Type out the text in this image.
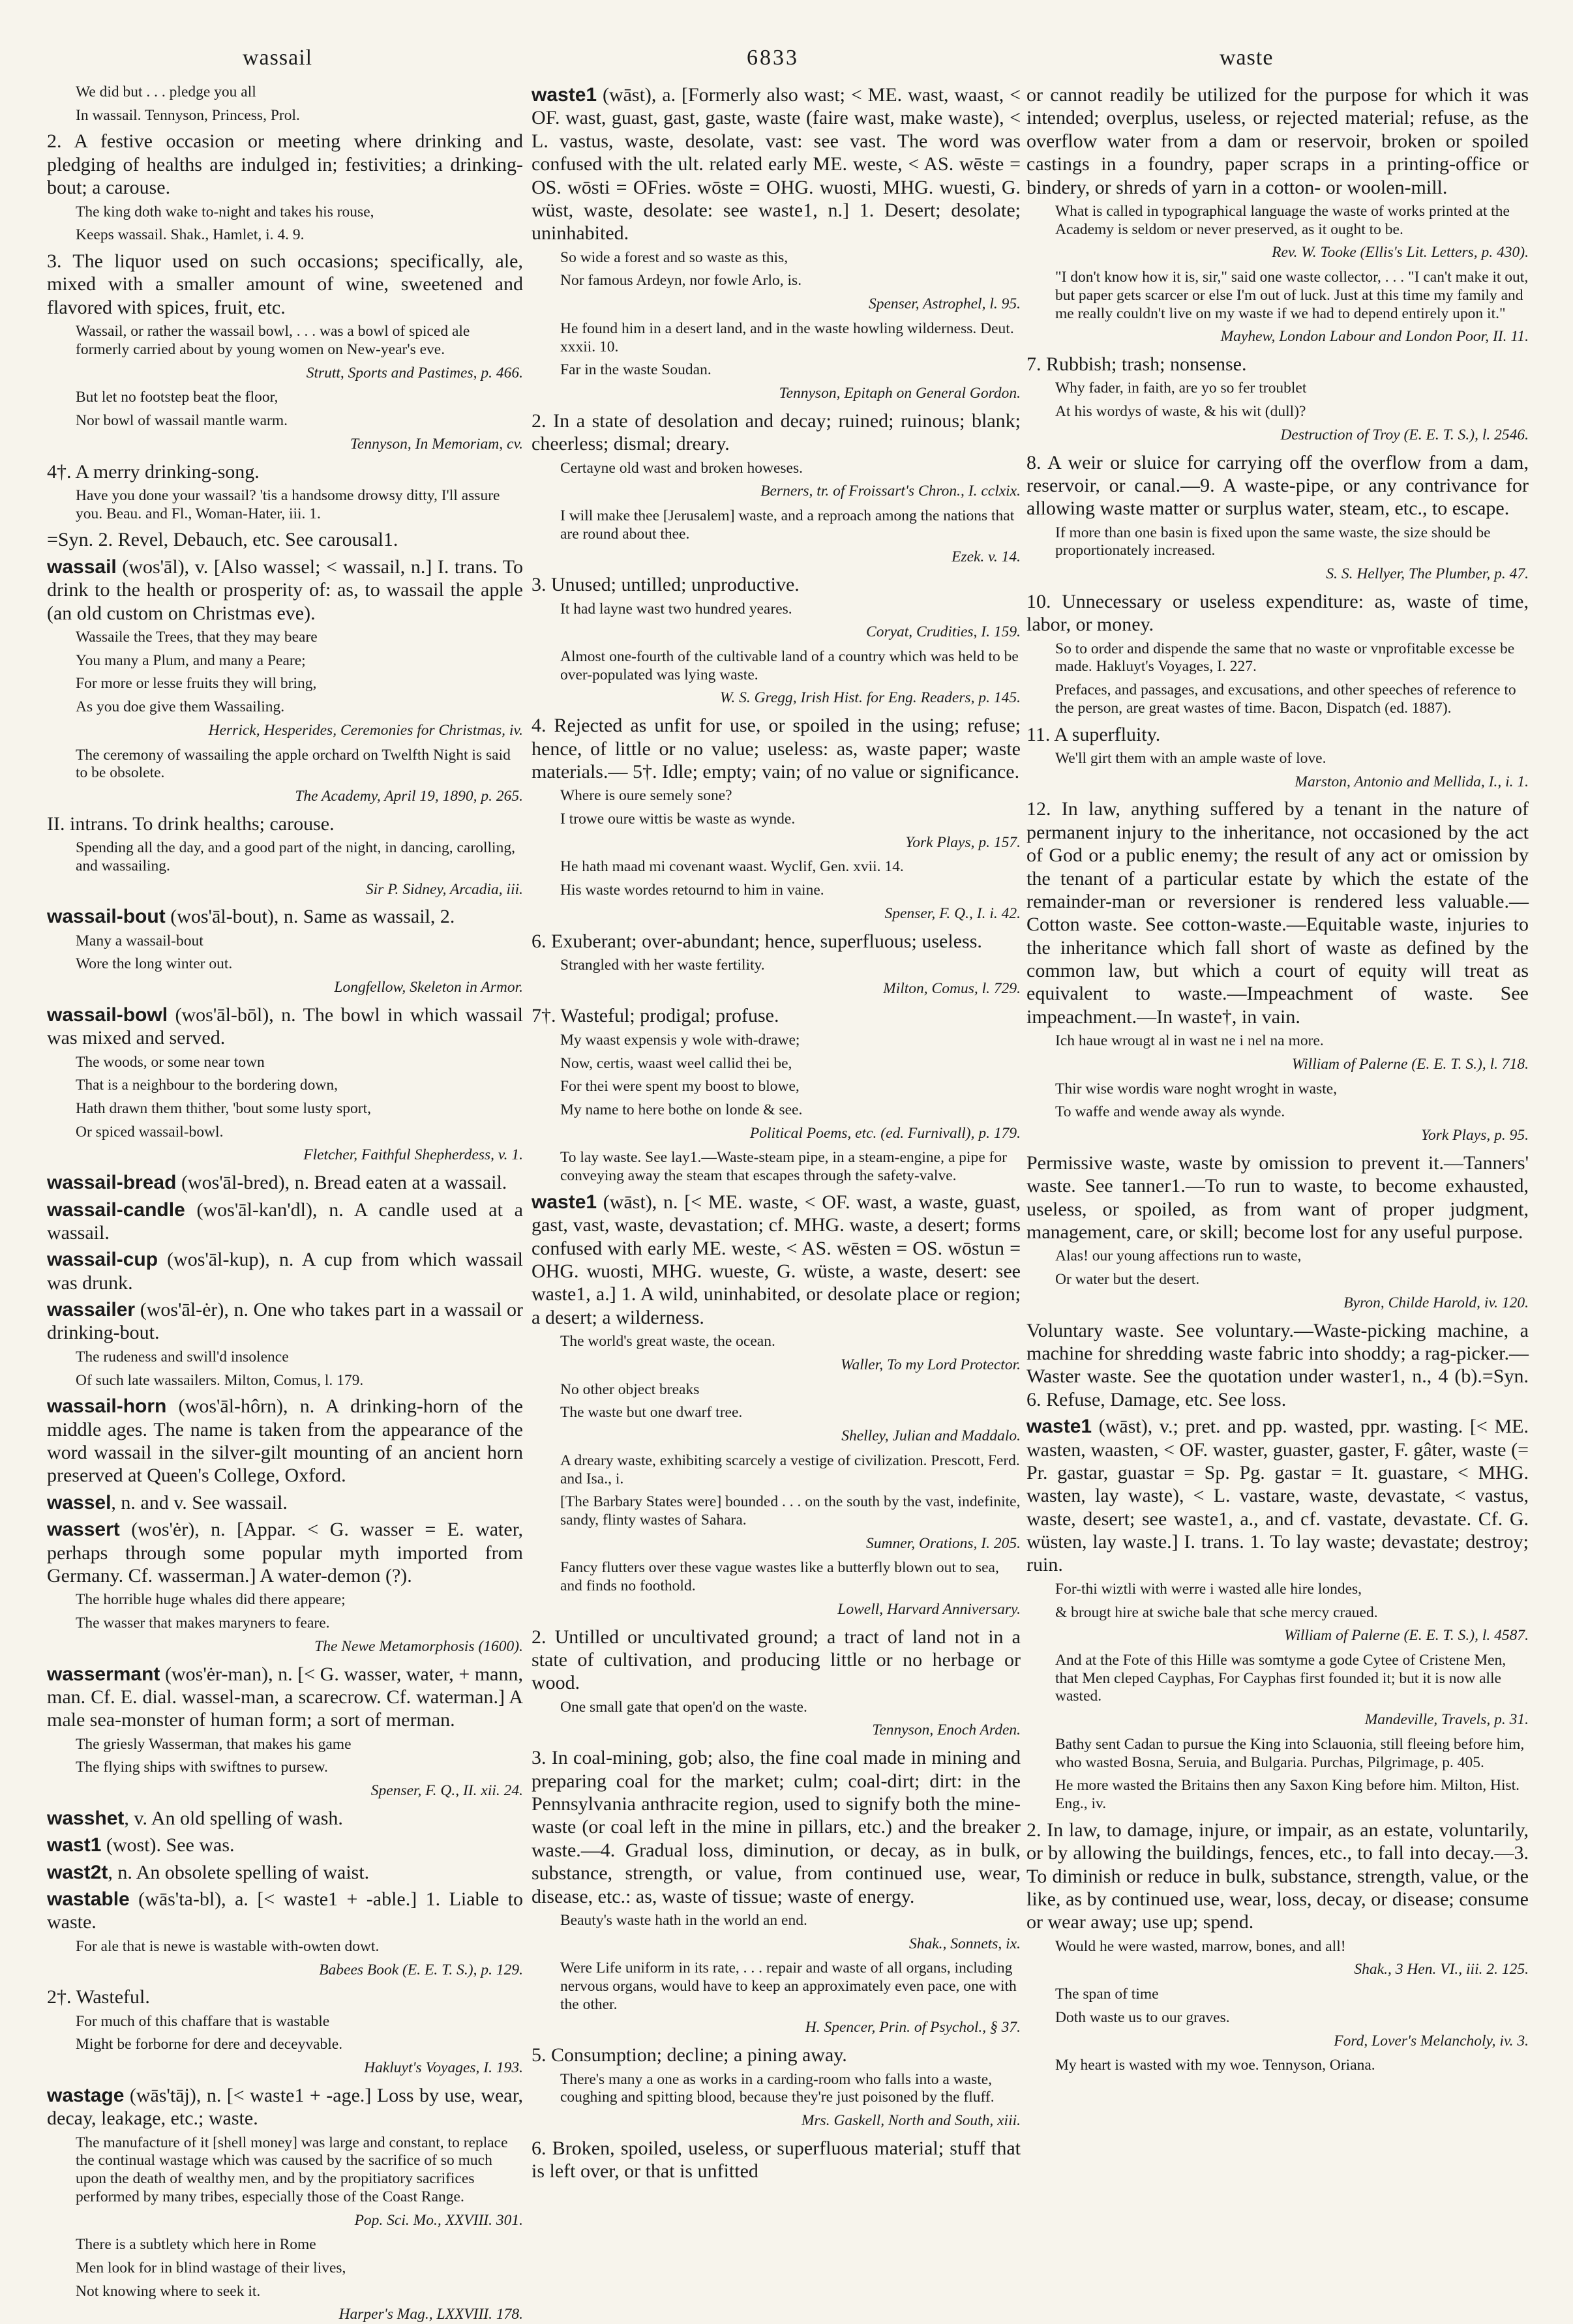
wassail	6833	waste
We did but . . . pledge you all
In wassail. Tennyson, Princess, Prol.
2. A festive occasion or meeting where drinking and pledging of healths are indulged in; festivities; a drinking-bout; a carouse.
The king doth wake to-night and takes his rouse,
Keeps wassail. Shak., Hamlet, i. 4. 9.
3. The liquor used on such occasions; specifically, ale, mixed with a smaller amount of wine, sweetened and flavored with spices, fruit, etc.
Wassail, or rather the wassail bowl, . . . was a bowl of spiced ale formerly carried about by young women on New-year's eve.
Strutt, Sports and Pastimes, p. 466.
But let no footstep beat the floor,
Nor bowl of wassail mantle warm.
Tennyson, In Memoriam, cv.
4†. A merry drinking-song.
Have you done your wassail? 'tis a handsome drowsy ditty, I'll assure you. Beau. and Fl., Woman-Hater, iii. 1.
=Syn. 2. Revel, Debauch, etc. See carousal1.
wassail (wos'āl), v. [Also wassel; < wassail, n.] I. trans. To drink to the health or prosperity of: as, to wassail the apple (an old custom on Christmas eve).
Wassaile the Trees, that they may beare
You many a Plum, and many a Peare;
For more or lesse fruits they will bring,
As you doe give them Wassailing.
Herrick, Hesperides, Ceremonies for Christmas, iv.
The ceremony of wassailing the apple orchard on Twelfth Night is said to be obsolete.
The Academy, April 19, 1890, p. 265.
II. intrans. To drink healths; carouse.
Spending all the day, and a good part of the night, in dancing, carolling, and wassailing.
Sir P. Sidney, Arcadia, iii.
wassail-bout (wos'āl-bout), n. Same as wassail, 2.
Many a wassail-bout
Wore the long winter out.
Longfellow, Skeleton in Armor.
wassail-bowl (wos'āl-bōl), n. The bowl in which wassail was mixed and served.
The woods, or some near town
That is a neighbour to the bordering down,
Hath drawn them thither, 'bout some lusty sport,
Or spiced wassail-bowl.
Fletcher, Faithful Shepherdess, v. 1.
wassail-bread (wos'āl-bred), n. Bread eaten at a wassail.
wassail-candle (wos'āl-kan'dl), n. A candle used at a wassail.
wassail-cup (wos'āl-kup), n. A cup from which wassail was drunk.
wassailer (wos'āl-ėr), n. One who takes part in a wassail or drinking-bout.
The rudeness and swill'd insolence
Of such late wassailers. Milton, Comus, l. 179.
wassail-horn (wos'āl-hôrn), n. A drinking-horn of the middle ages. The name is taken from the appearance of the word wassail in the silver-gilt mounting of an ancient horn preserved at Queen's College, Oxford.
wassel, n. and v. See wassail.
wassert (wos'ėr), n. [Appar. < G. wasser = E. water, perhaps through some popular myth imported from Germany. Cf. wasserman.] A water-demon (?).
The horrible huge whales did there appeare;
The wasser that makes maryners to feare.
The Newe Metamorphosis (1600).
wassermant (wos'ėr-man), n. [< G. wasser, water, + mann, man. Cf. E. dial. wassel-man, a scarecrow. Cf. waterman.] A male sea-monster of human form; a sort of merman.
The griesly Wasserman, that makes his game
The flying ships with swiftnes to pursew.
Spenser, F. Q., II. xii. 24.
wasshet, v. An old spelling of wash.
wast1 (wost). See was.
wast2t, n. An obsolete spelling of waist.
wastable (wās'ta-bl), a. [< waste1 + -able.] 1. Liable to waste.
For ale that is newe is wastable with-owten dowt.
Babees Book (E. E. T. S.), p. 129.
2†. Wasteful.
For much of this chaffare that is wastable
Might be forborne for dere and deceyvable.
Hakluyt's Voyages, I. 193.
wastage (wās'tāj), n. [< waste1 + -age.] Loss by use, wear, decay, leakage, etc.; waste.
The manufacture of it [shell money] was large and constant, to replace the continual wastage which was caused by the sacrifice of so much upon the death of wealthy men, and by the propitiatory sacrifices performed by many tribes, especially those of the Coast Range.
Pop. Sci. Mo., XXVIII. 301.
There is a subtlety which here in Rome
Men look for in blind wastage of their lives,
Not knowing where to seek it.
Harper's Mag., LXXVIII. 178.
waste1 (wāst), a. [Formerly also wast; < ME. wast, waast, < OF. wast, guast, gast, gaste, waste (faire wast, make waste), < L. vastus, waste, desolate, vast: see vast. The word was confused with the ult. related early ME. weste, < AS. wēste = OS. wōsti = OFries. wōste = OHG. wuosti, MHG. wuesti, G. wüst, waste, desolate: see waste1, n.] 1. Desert; desolate; uninhabited.
So wide a forest and so waste as this,
Nor famous Ardeyn, nor fowle Arlo, is.
Spenser, Astrophel, l. 95.
He found him in a desert land, and in the waste howling wilderness. Deut. xxxii. 10.
Far in the waste Soudan.
Tennyson, Epitaph on General Gordon.
2. In a state of desolation and decay; ruined; ruinous; blank; cheerless; dismal; dreary.
Certayne old wast and broken howeses.
Berners, tr. of Froissart's Chron., I. cclxix.
I will make thee [Jerusalem] waste, and a reproach among the nations that are round about thee.
Ezek. v. 14.
3. Unused; untilled; unproductive.
It had layne wast two hundred yeares.
Coryat, Crudities, I. 159.
Almost one-fourth of the cultivable land of a country which was held to be over-populated was lying waste.
W. S. Gregg, Irish Hist. for Eng. Readers, p. 145.
4. Rejected as unfit for use, or spoiled in the using; refuse; hence, of little or no value; useless: as, waste paper; waste materials.— 5†. Idle; empty; vain; of no value or significance.
Where is oure semely sone?
I trowe oure wittis be waste as wynde.
York Plays, p. 157.
He hath maad mi covenant waast. Wyclif, Gen. xvii. 14.
His waste wordes retournd to him in vaine.
Spenser, F. Q., I. i. 42.
6. Exuberant; over-abundant; hence, superfluous; useless.
Strangled with her waste fertility.
Milton, Comus, l. 729.
7†. Wasteful; prodigal; profuse.
My waast expensis y wole with-drawe;
Now, certis, waast weel callid thei be,
For thei were spent my boost to blowe,
My name to here bothe on londe & see.
Political Poems, etc. (ed. Furnivall), p. 179.
To lay waste. See lay1.—Waste-steam pipe, in a steam-engine, a pipe for conveying away the steam that escapes through the safety-valve.
waste1 (wāst), n. [< ME. waste, < OF. wast, a waste, guast, gast, vast, waste, devastation; cf. MHG. waste, a desert; forms confused with early ME. weste, < AS. wēsten = OS. wōstun = OHG. wuosti, MHG. wueste, G. wüste, a waste, desert: see waste1, a.] 1. A wild, uninhabited, or desolate place or region; a desert; a wilderness.
The world's great waste, the ocean.
Waller, To my Lord Protector.
No other object breaks
The waste but one dwarf tree.
Shelley, Julian and Maddalo.
A dreary waste, exhibiting scarcely a vestige of civilization. Prescott, Ferd. and Isa., i.
[The Barbary States were] bounded . . . on the south by the vast, indefinite, sandy, flinty wastes of Sahara.
Sumner, Orations, I. 205.
Fancy flutters over these vague wastes like a butterfly blown out to sea, and finds no foothold.
Lowell, Harvard Anniversary.
2. Untilled or uncultivated ground; a tract of land not in a state of cultivation, and producing little or no herbage or wood.
One small gate that open'd on the waste.
Tennyson, Enoch Arden.
3. In coal-mining, gob; also, the fine coal made in mining and preparing coal for the market; culm; coal-dirt; dirt: in the Pennsylvania anthracite region, used to signify both the mine-waste (or coal left in the mine in pillars, etc.) and the breaker waste.—4. Gradual loss, diminution, or decay, as in bulk, substance, strength, or value, from continued use, wear, disease, etc.: as, waste of tissue; waste of energy.
Beauty's waste hath in the world an end.
Shak., Sonnets, ix.
Were Life uniform in its rate, . . . repair and waste of all organs, including nervous organs, would have to keep an approximately even pace, one with the other.
H. Spencer, Prin. of Psychol., § 37.
5. Consumption; decline; a pining away.
There's many a one as works in a carding-room who falls into a waste, coughing and spitting blood, because they're just poisoned by the fluff.
Mrs. Gaskell, North and South, xiii.
6. Broken, spoiled, useless, or superfluous material; stuff that is left over, or that is unfitted
or cannot readily be utilized for the purpose for which it was intended; overplus, useless, or rejected material; refuse, as the overflow water from a dam or reservoir, broken or spoiled castings in a foundry, paper scraps in a printing-office or bindery, or shreds of yarn in a cotton- or woolen-mill.
What is called in typographical language the waste of works printed at the Academy is seldom or never preserved, as it ought to be.
Rev. W. Tooke (Ellis's Lit. Letters, p. 430).
"I don't know how it is, sir," said one waste collector, . . . "I can't make it out, but paper gets scarcer or else I'm out of luck. Just at this time my family and me really couldn't live on my waste if we had to depend entirely upon it."
Mayhew, London Labour and London Poor, II. 11.
7. Rubbish; trash; nonsense.
Why fader, in faith, are yo so fer troublet
At his wordys of waste, & his wit (dull)?
Destruction of Troy (E. E. T. S.), l. 2546.
8. A weir or sluice for carrying off the overflow from a dam, reservoir, or canal.—9. A waste-pipe, or any contrivance for allowing waste matter or surplus water, steam, etc., to escape.
If more than one basin is fixed upon the same waste, the size should be proportionately increased.
S. S. Hellyer, The Plumber, p. 47.
10. Unnecessary or useless expenditure: as, waste of time, labor, or money.
So to order and dispende the same that no waste or vnprofitable excesse be made. Hakluyt's Voyages, I. 227.
Prefaces, and passages, and excusations, and other speeches of reference to the person, are great wastes of time. Bacon, Dispatch (ed. 1887).
11. A superfluity.
We'll girt them with an ample waste of love.
Marston, Antonio and Mellida, I., i. 1.
12. In law, anything suffered by a tenant in the nature of permanent injury to the inheritance, not occasioned by the act of God or a public enemy; the result of any act or omission by the tenant of a particular estate by which the estate of the remainder-man or reversioner is rendered less valuable.—Cotton waste. See cotton-waste.—Equitable waste, injuries to the inheritance which fall short of waste as defined by the common law, but which a court of equity will treat as equivalent to waste.—Impeachment of waste. See impeachment.—In waste†, in vain.
Ich haue wrougt al in wast ne i nel na more.
William of Palerne (E. E. T. S.), l. 718.
Thir wise wordis ware noght wroght in waste,
To waffe and wende away als wynde.
York Plays, p. 95.
Permissive waste, waste by omission to prevent it.—Tanners' waste. See tanner1.—To run to waste, to become exhausted, useless, or spoiled, as from want of proper judgment, management, care, or skill; become lost for any useful purpose.
Alas! our young affections run to waste,
Or water but the desert.
Byron, Childe Harold, iv. 120.
Voluntary waste. See voluntary.—Waste-picking machine, a machine for shredding waste fabric into shoddy; a rag-picker.—Waster waste. See the quotation under waster1, n., 4 (b).=Syn. 6. Refuse, Damage, etc. See loss.
waste1 (wāst), v.; pret. and pp. wasted, ppr. wasting. [< ME. wasten, waasten, < OF. waster, guaster, gaster, F. gâter, waste (= Pr. gastar, guastar = Sp. Pg. gastar = It. guastare, < MHG. wasten, lay waste), < L. vastare, waste, devastate, < vastus, waste, desert; see waste1, a., and cf. vastate, devastate. Cf. G. wüsten, lay waste.] I. trans. 1. To lay waste; devastate; destroy; ruin.
For-thi wiztli with werre i wasted alle hire londes,
& brougt hire at swiche bale that sche mercy craued.
William of Palerne (E. E. T. S.), l. 4587.
And at the Fote of this Hille was somtyme a gode Cytee of Cristene Men, that Men cleped Cayphas, For Cayphas first founded it; but it is now alle wasted.
Mandeville, Travels, p. 31.
Bathy sent Cadan to pursue the King into Sclauonia, still fleeing before him, who wasted Bosna, Seruia, and Bulgaria. Purchas, Pilgrimage, p. 405.
He more wasted the Britains then any Saxon King before him. Milton, Hist. Eng., iv.
2. In law, to damage, injure, or impair, as an estate, voluntarily, or by allowing the buildings, fences, etc., to fall into decay.—3. To diminish or reduce in bulk, substance, strength, value, or the like, as by continued use, wear, loss, decay, or disease; consume or wear away; use up; spend.
Would he were wasted, marrow, bones, and all!
Shak., 3 Hen. VI., iii. 2. 125.
The span of time
Doth waste us to our graves.
Ford, Lover's Melancholy, iv. 3.
My heart is wasted with my woe. Tennyson, Oriana.
